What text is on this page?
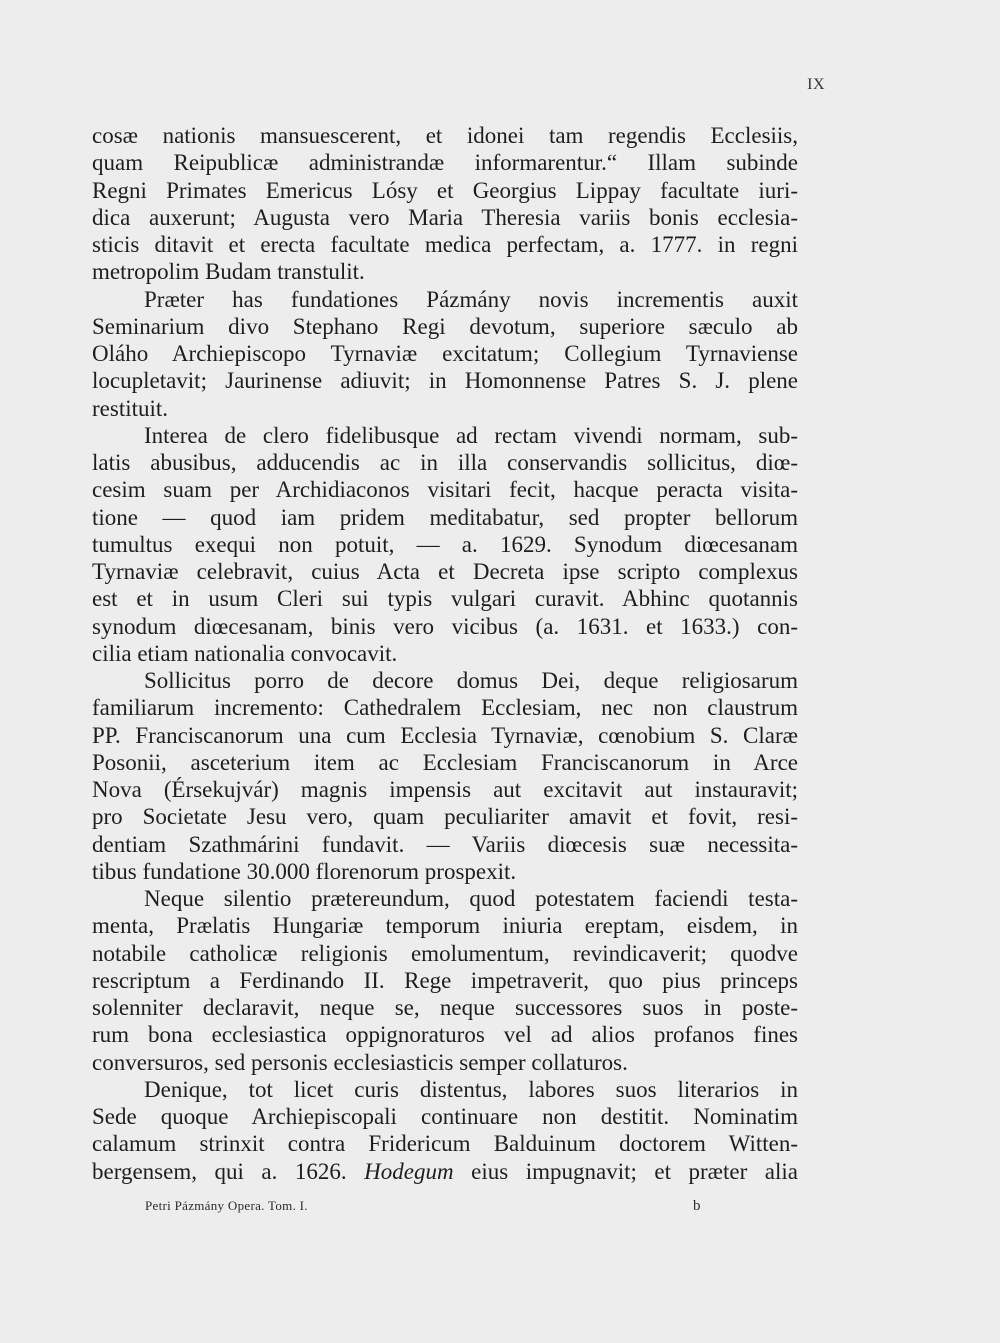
IX
cosæ nationis mansuescerent, et idonei tam regendis Ecclesiis,
quam Reipublicæ administrandæ informarentur.“ Illam subinde
Regni Primates Emericus Lósy et Georgius Lippay facultate iuri-
dica auxerunt; Augusta vero Maria Theresia variis bonis ecclesia-
sticis ditavit et erecta facultate medica perfectam, a. 1777. in regni
metropolim Budam transtulit.
Præter has fundationes Pázmány novis incrementis auxit
Seminarium divo Stephano Regi devotum, superiore sæculo ab
Oláho Archiepiscopo Tyrnaviæ excitatum; Collegium Tyrnaviense
locupletavit; Jaurinense adiuvit; in Homonnense Patres S. J. plene
restituit.
Interea de clero fidelibusque ad rectam vivendi normam, sub-
latis abusibus, adducendis ac in illa conservandis sollicitus, diœ-
cesim suam per Archidiaconos visitari fecit, hacque peracta visita-
tione — quod iam pridem meditabatur, sed propter bellorum
tumultus exequi non potuit, — a. 1629. Synodum diœcesanam
Tyrnaviæ celebravit, cuius Acta et Decreta ipse scripto complexus
est et in usum Cleri sui typis vulgari curavit. Abhinc quotannis
synodum diœcesanam, binis vero vicibus (a. 1631. et 1633.) con-
cilia etiam nationalia convocavit.
Sollicitus porro de decore domus Dei, deque religiosarum
familiarum incremento: Cathedralem Ecclesiam, nec non claustrum
PP. Franciscanorum una cum Ecclesia Tyrnaviæ, cœnobium S. Claræ
Posonii, asceterium item ac Ecclesiam Franciscanorum in Arce
Nova (Érsekujvár) magnis impensis aut excitavit aut instauravit;
pro Societate Jesu vero, quam peculiariter amavit et fovit, resi-
dentiam Szathmárini fundavit. — Variis diœcesis suæ necessita-
tibus fundatione 30.000 florenorum prospexit.
Neque silentio prætereundum, quod potestatem faciendi testa-
menta, Prælatis Hungariæ temporum iniuria ereptam, eisdem, in
notabile catholicæ religionis emolumentum, revindicaverit; quodve
rescriptum a Ferdinando II. Rege impetraverit, quo pius princeps
solenniter declaravit, neque se, neque successores suos in poste-
rum bona ecclesiastica oppignoraturos vel ad alios profanos fines
conversuros, sed personis ecclesiasticis semper collaturos.
Denique, tot licet curis distentus, labores suos literarios in
Sede quoque Archiepiscopali continuare non destitit. Nominatim
calamum strinxit contra Fridericum Balduinum doctorem Witten-
bergensem, qui a. 1626. Hodegum eius impugnavit; et præter alia
Petri Pázmány Opera. Tom. I.	b
